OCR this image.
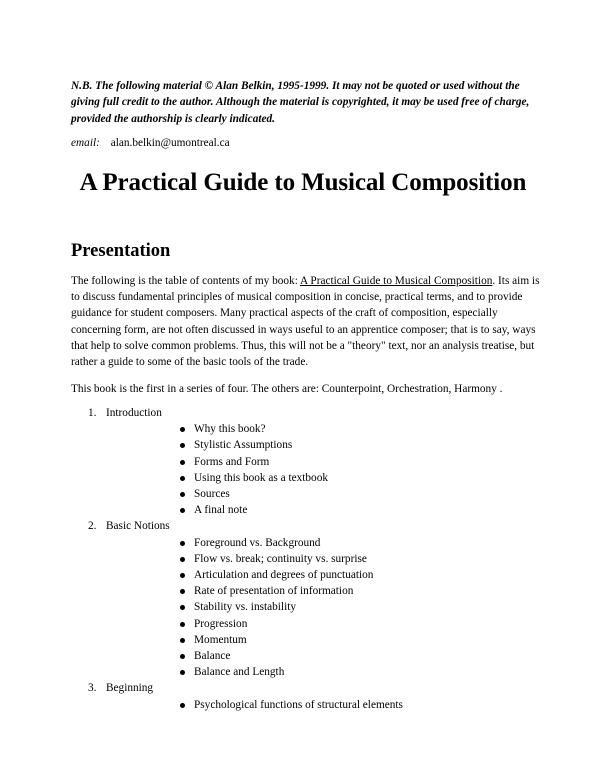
N.B. The following material © Alan Belkin, 1995-1999. It may not be quoted or used without the giving full credit to the author. Although the material is copyrighted, it may be used free of charge, provided the authorship is clearly indicated.

email: alan.belkin@umontreal.ca

A Practical Guide to Musical Composition
Presentation

The following is the table of contents of my book: A Practical Guide to Musical Composition. Its aim is to discuss fundamental principles of musical composition in concise, practical terms, and to provide guidance for student composers. Many practical aspects of the craft of composition, especially concerning form, are not often discussed in ways useful to an apprentice composer; that is to say, ways that help to solve common problems. Thus, this will not be a "theory" text, nor an analysis treatise, but rather a guide to some of the basic tools of the trade.

This book is the first in a series of four. The others are: Counterpoint, Orchestration, Harmony .

1. Introduction
Why this book?
Stylistic Assumptions
Forms and Form
Using this book as a textbook
Sources
A final note
2. Basic Notions
Foreground vs. Background
Flow vs. break; continuity vs. surprise
Articulation and degrees of punctuation
Rate of presentation of information
Stability vs. instability
Progression
Momentum
Balance
Balance and Length
3. Beginning
Psychological functions of structural elements
